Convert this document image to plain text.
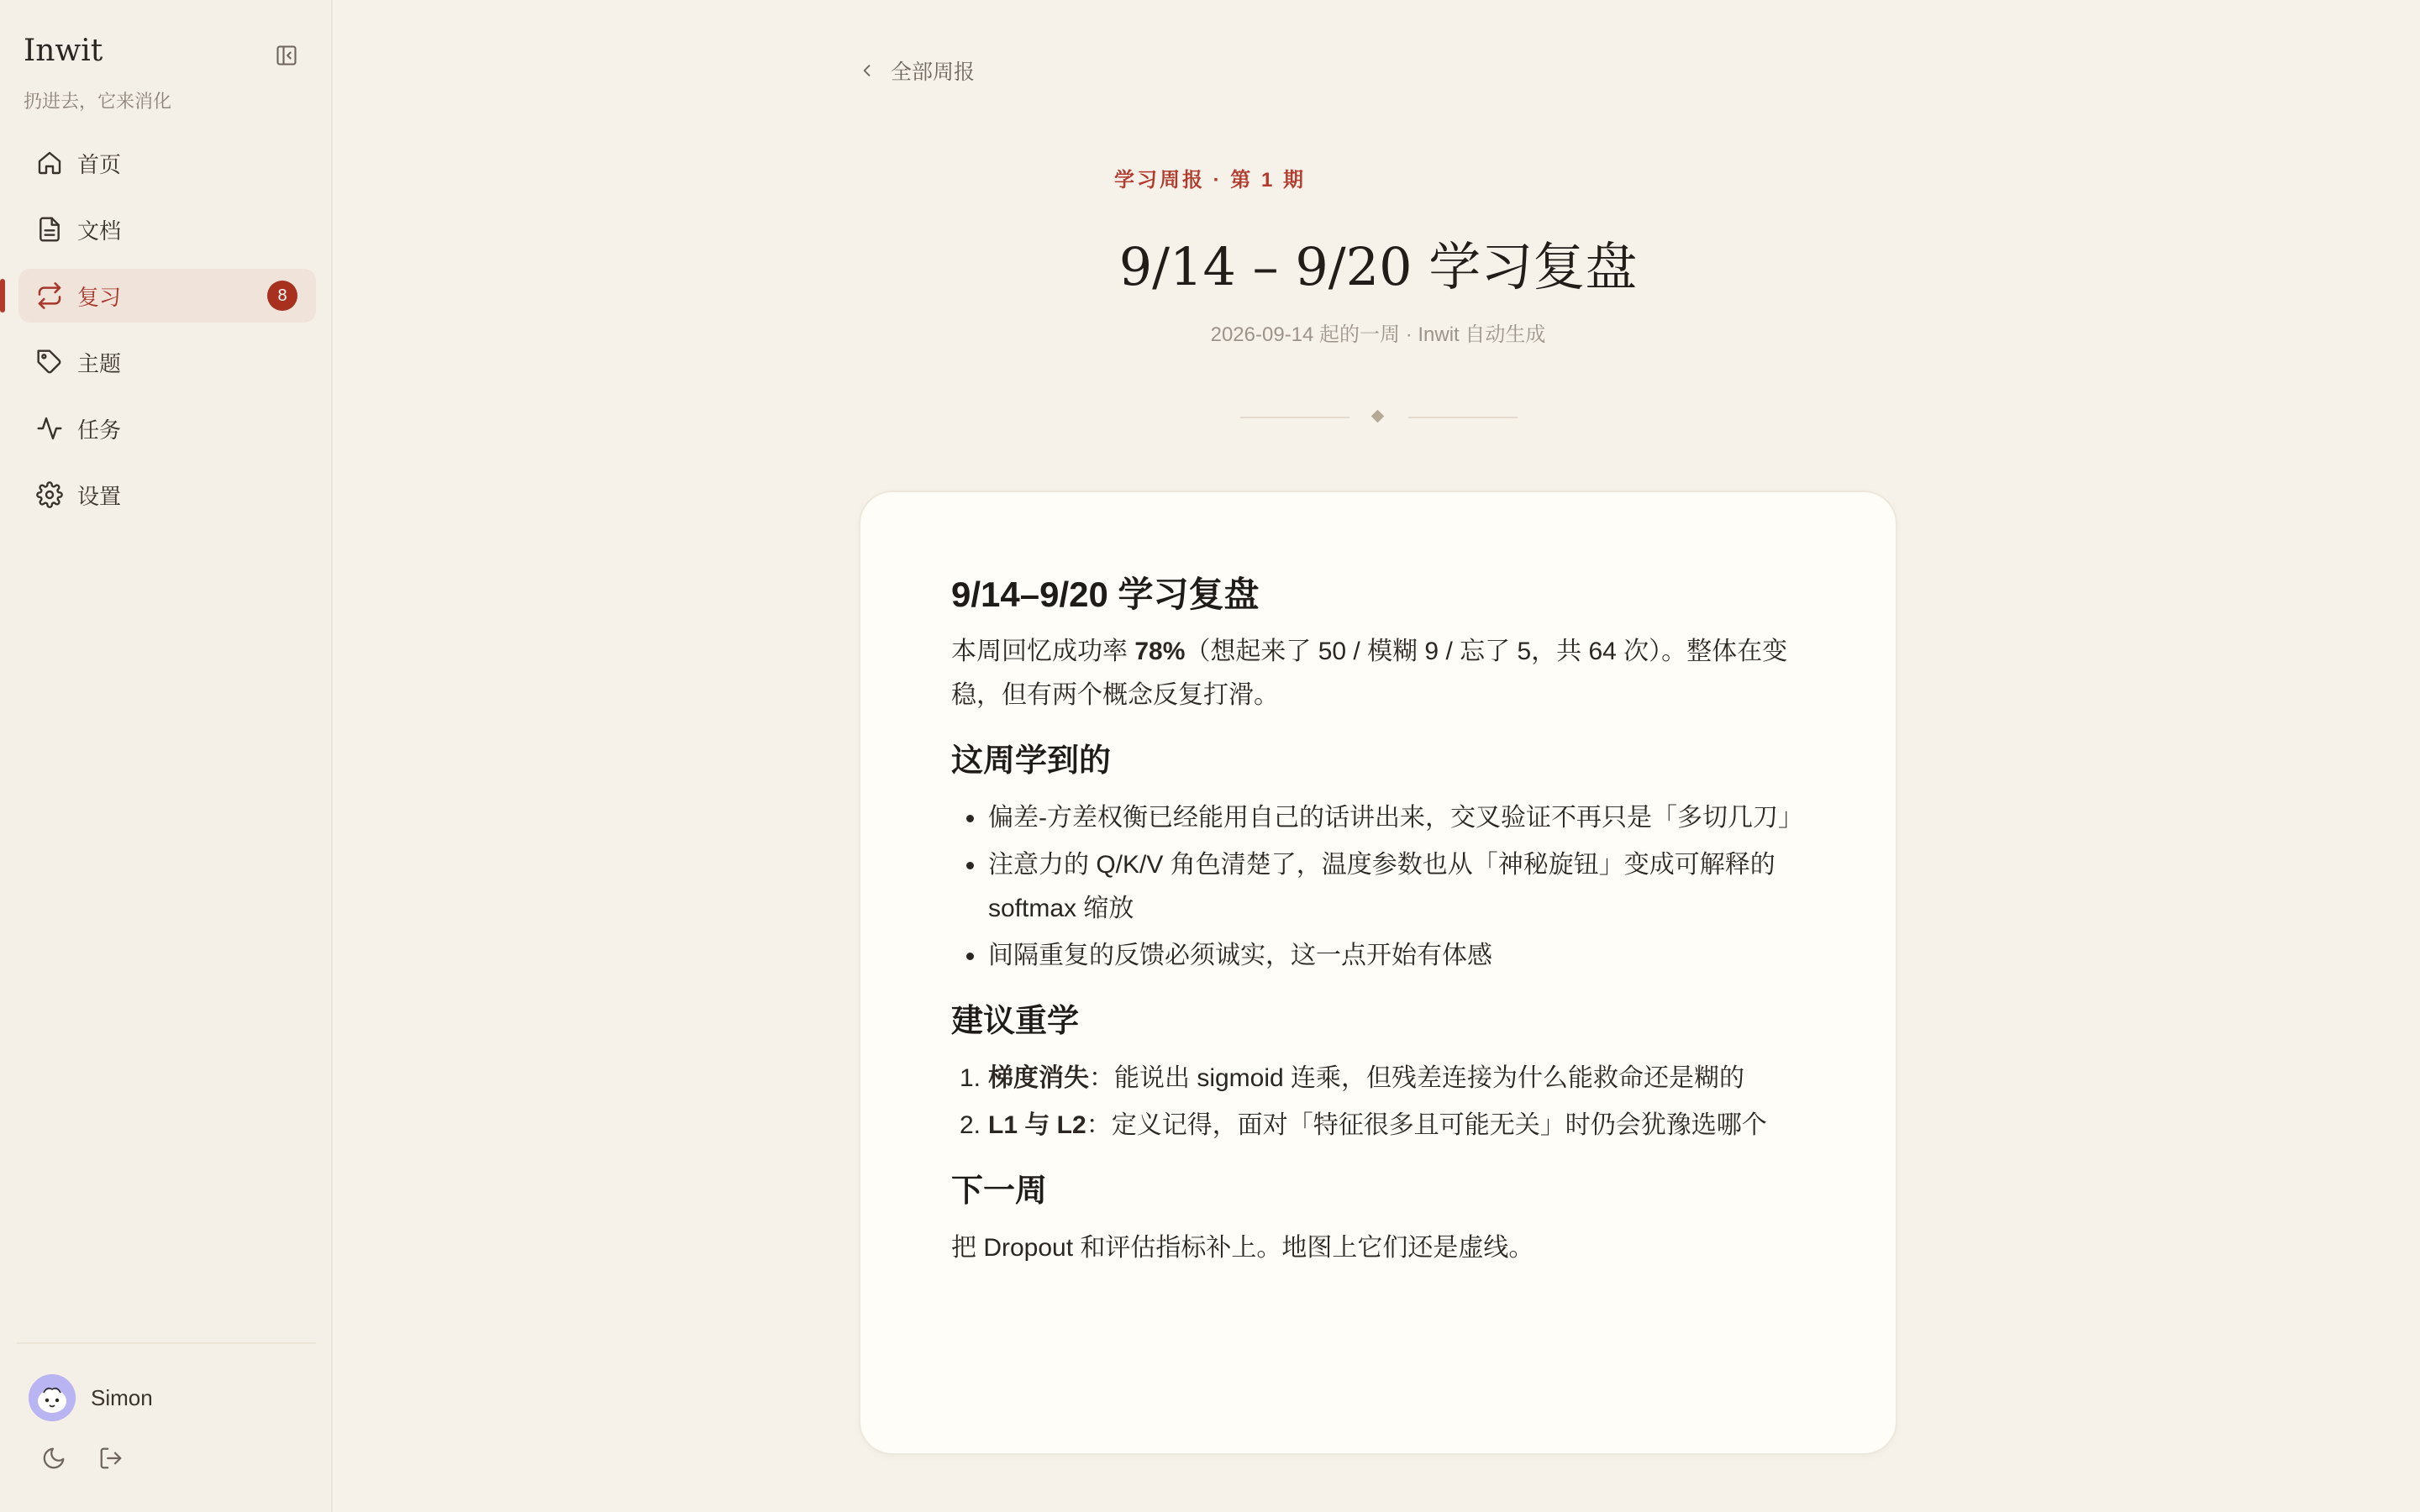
Inwit
扔进去，它来消化
首页
文档
复习	8
主题
任务
设置
Simon
全部周报
学习周报 · 第 1 期
9/14 – 9/20 学习复盘
2026-09-14 起的一周 · Inwit 自动生成
9/14–9/20 学习复盘

本周回忆成功率 78%（想起来了 50 / 模糊 9 / 忘了 5，共 64 次）。整体在变稳，但有两个概念反复打滑。

这周学到的
偏差-方差权衡已经能用自己的话讲出来，交叉验证不再只是「多切几刀」
注意力的 Q/K/V 角色清楚了，温度参数也从「神秘旋钮」变成可解释的 softmax 缩放
间隔重复的反馈必须诚实，这一点开始有体感
建议重学
1. 梯度消失：能说出 sigmoid 连乘，但残差连接为什么能救命还是糊的
2. L1 与 L2：定义记得，面对「特征很多且可能无关」时仍会犹豫选哪个
下一周

把 Dropout 和评估指标补上。地图上它们还是虚线。
